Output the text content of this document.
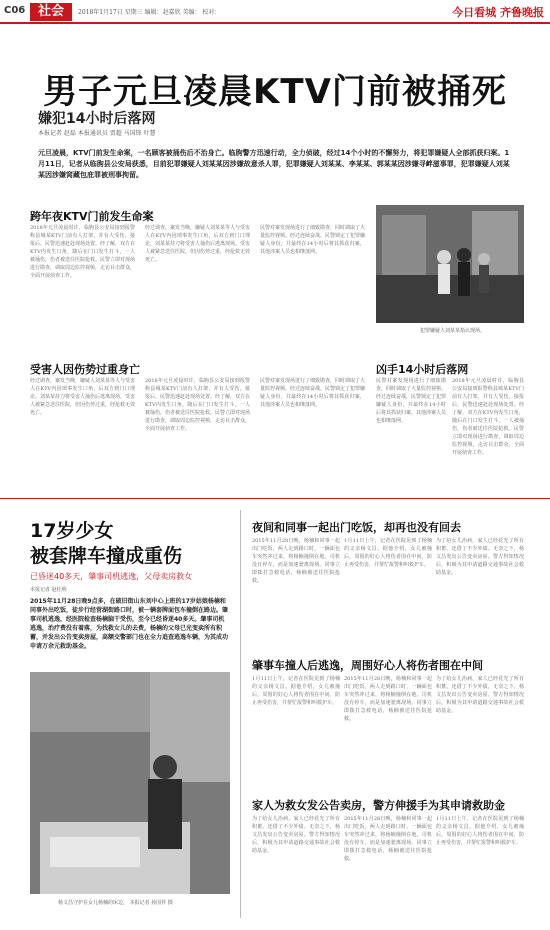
C06 社会	2018年1月17日 星期三 编辑：赵嘉欣 美编： 校对：	今日看城 齐鲁晚报
男子元旦凌晨KTV门前被捅死
嫌犯14小时后落网
本报记者 赵磊 本报通讯员 贾超 马国锋 叶慧
元旦凌晨，KTV门前发生命案，一名顾客被捅伤后不治身亡。临朐警方迅速行动，全力侦破，经过14个小时的不懈努力，将犯罪嫌疑人全部抓获归案。1月11日，记者从临朐县公安局获悉，目前犯罪嫌疑人刘某某因涉嫌故意杀人罪，犯罪嫌疑人刘某某、李某某、郭某某因涉嫌寻衅滋事罪，犯罪嫌疑人刘某某因涉嫌窝藏包庇罪被刑事拘留。
跨年夜KTV门前发生命案
2018年元旦凌晨时许，临朐县公安局接到报警称县城某KTV门前有人打架，并有人受伤。接报后，民警迅速赶赴现场处置。经了解，双方在KTV内发生口角，随后在门口发生打斗，一人被捅伤，伤者被送往医院抢救。民警立即对现场进行勘查，调取周边监控视频，走访目击群众，全面开展侦查工作。
经过调查，案发当晚，嫌疑人刘某某等人与受害人在KTV内因琐事发生口角，后双方到门口理论，刘某某持刀将受害人捅伤后逃离现场。受害人被紧急送往医院，但因伤势过重，经抢救无效死亡。
民警对案发现场进行了细致勘查，同时调取了大量监控视频。经过连续奋战，民警锁定了犯罪嫌疑人身份，并最终在14小时后将其抓获归案，其他涉案人员也相继落网。
犯罪嫌疑人刘某某指认现场。
受害人因伤势过重身亡
经过调查，案发当晚，嫌疑人刘某某等人与受害人在KTV内因琐事发生口角，后双方到门口理论，刘某某持刀将受害人捅伤后逃离现场。受害人被紧急送往医院，但因伤势过重，经抢救无效死亡。
2018年元旦凌晨时许，临朐县公安局接到报警称县城某KTV门前有人打架，并有人受伤。接报后，民警迅速赶赴现场处置。经了解，双方在KTV内发生口角，随后在门口发生打斗，一人被捅伤，伤者被送往医院抢救。民警立即对现场进行勘查，调取周边监控视频，走访目击群众，全面开展侦查工作。
民警对案发现场进行了细致勘查，同时调取了大量监控视频。经过连续奋战，民警锁定了犯罪嫌疑人身份，并最终在14小时后将其抓获归案，其他涉案人员也相继落网。
凶手14小时后落网
民警对案发现场进行了细致勘查，同时调取了大量监控视频。经过连续奋战，民警锁定了犯罪嫌疑人身份，并最终在14小时后将其抓获归案，其他涉案人员也相继落网。
2018年元旦凌晨时许，临朐县公安局接到报警称县城某KTV门前有人打架，并有人受伤。接报后，民警迅速赶赴现场处置。经了解，双方在KTV内发生口角，随后在门口发生打斗，一人被捅伤，伤者被送往医院抢救。民警立即对现场进行勘查，调取周边监控视频，走访目击群众，全面开展侦查工作。
17岁少女
被套牌车撞成重伤
已昏迷40多天，肇事司机逃逸，父母卖房救女
本报记者 赵松明
2015年11月28日晚9点多，在破旧街山东刘中心上班的17岁姑娘杨楠和同事外出吃饭，徒步行经营湖街路口时，被一辆套牌面包车撞倒在路边。肇事司机逃逸，经医院检查杨楠脑干受伤，至今已经昏迷40多天。肇事司机逃逸，治疗费没有着落，为找救女儿的去费，杨楠的父母已光变卖所有积蓄，并发出公告变卖房屋，高额交警部门也在全力追查逃逸车辆，为其成功申请万余元救助基金。
杨文昌守护在女儿杨楠的床边。 本报记者 孙国祥 摄
夜间和同事一起出门吃饭，却再也没有回去
2015年11月28日晚，杨楠和同事一起出门吃饭，两人走到路口时，一辆面包车突然冲过来，将杨楠撞倒在地。司机没有停车，而是加速驶离现场。同事立即拨打急救电话，杨楠被送往医院抢救。
1月11日上午，记者在医院见到了杨楠的父亲杨文昌。据他介绍，女儿被撞后，周围的好心人将伤者围在中间，防止再受伤害，并帮忙报警和叫救护车。
为了给女儿治病，家人已经花光了所有积蓄，还借了不少外债。无奈之下，杨文昌发出公告变卖房屋。警方得知情况后，积极为其申请道路交通事故社会救助基金。
肇事车撞人后逃逸，周围好心人将伤者围在中间
1月11日上午，记者在医院见到了杨楠的父亲杨文昌。据他介绍，女儿被撞后，周围的好心人将伤者围在中间，防止再受伤害，并帮忙报警和叫救护车。
2015年11月28日晚，杨楠和同事一起出门吃饭，两人走到路口时，一辆面包车突然冲过来，将杨楠撞倒在地。司机没有停车，而是加速驶离现场。同事立即拨打急救电话，杨楠被送往医院抢救。
为了给女儿治病，家人已经花光了所有积蓄，还借了不少外债。无奈之下，杨文昌发出公告变卖房屋。警方得知情况后，积极为其申请道路交通事故社会救助基金。
家人为救女发公告卖房，警方伸援手为其申请救助金
为了给女儿治病，家人已经花光了所有积蓄，还借了不少外债。无奈之下，杨文昌发出公告变卖房屋。警方得知情况后，积极为其申请道路交通事故社会救助基金。
2015年11月28日晚，杨楠和同事一起出门吃饭，两人走到路口时，一辆面包车突然冲过来，将杨楠撞倒在地。司机没有停车，而是加速驶离现场。同事立即拨打急救电话，杨楠被送往医院抢救。
1月11日上午，记者在医院见到了杨楠的父亲杨文昌。据他介绍，女儿被撞后，周围的好心人将伤者围在中间，防止再受伤害，并帮忙报警和叫救护车。
